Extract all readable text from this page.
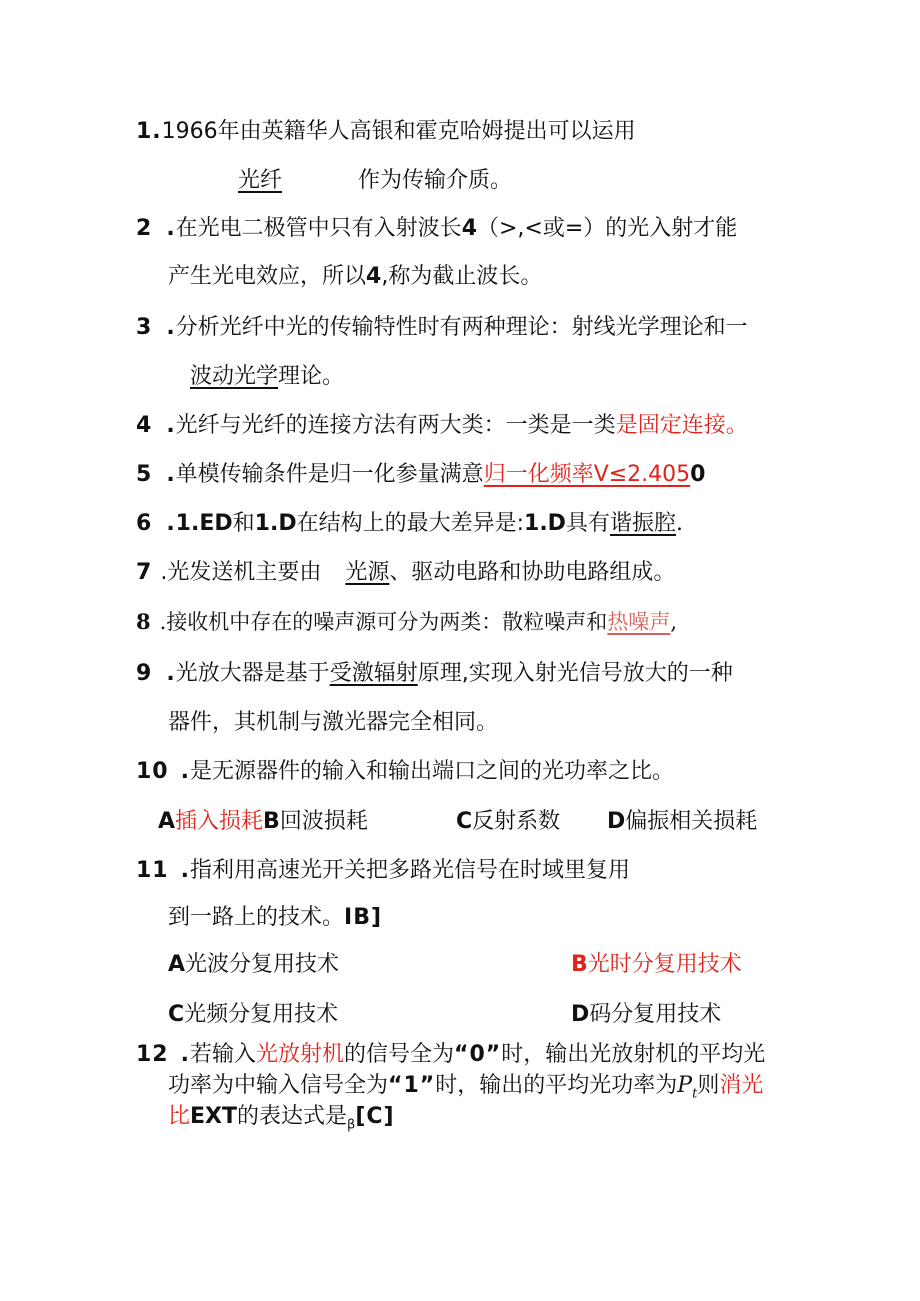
1.1966年由英籍华人高银和霍克哈姆提出可以运用
光纤	作为传输介质。
2 .在光电二极管中只有入射波长4（>,<或=）的光入射才能
产生光电效应，所以4,称为截止波长。
3 .分析光纤中光的传输特性时有两种理论：射线光学理论和一
波动光学理论。
4 .光纤与光纤的连接方法有两大类：一类是一类是固定连接。
5 .单模传输条件是归一化参量满意归一化频率V≤2.4050
6 .1.ED和1.D在结构上的最大差异是:1.D具有谐振腔.
7 .光发送机主要由 光源、驱动电路和协助电路组成。
8 .接收机中存在的噪声源可分为两类：散粒噪声和热噪声,
9 .光放大器是基于受激辐射原理,实现入射光信号放大的一种
器件，其机制与激光器完全相同。
10 .是无源器件的输入和输出端口之间的光功率之比。
A插入损耗B回波损耗	C反射系数 D偏振相关损耗
11 .指利用高速光开关把多路光信号在时域里复用
到一路上的技术。IB]
A光波分复用技术	B光时分复用技术
C光频分复用技术	D码分复用技术
12 .若输入光放射机的信号全为“0”时，输出光放射机的平均光
功率为中输入信号全为“1”时，输出的平均光功率为$P_t$则消光
比EXT的表达式是$_\beta$[C]
